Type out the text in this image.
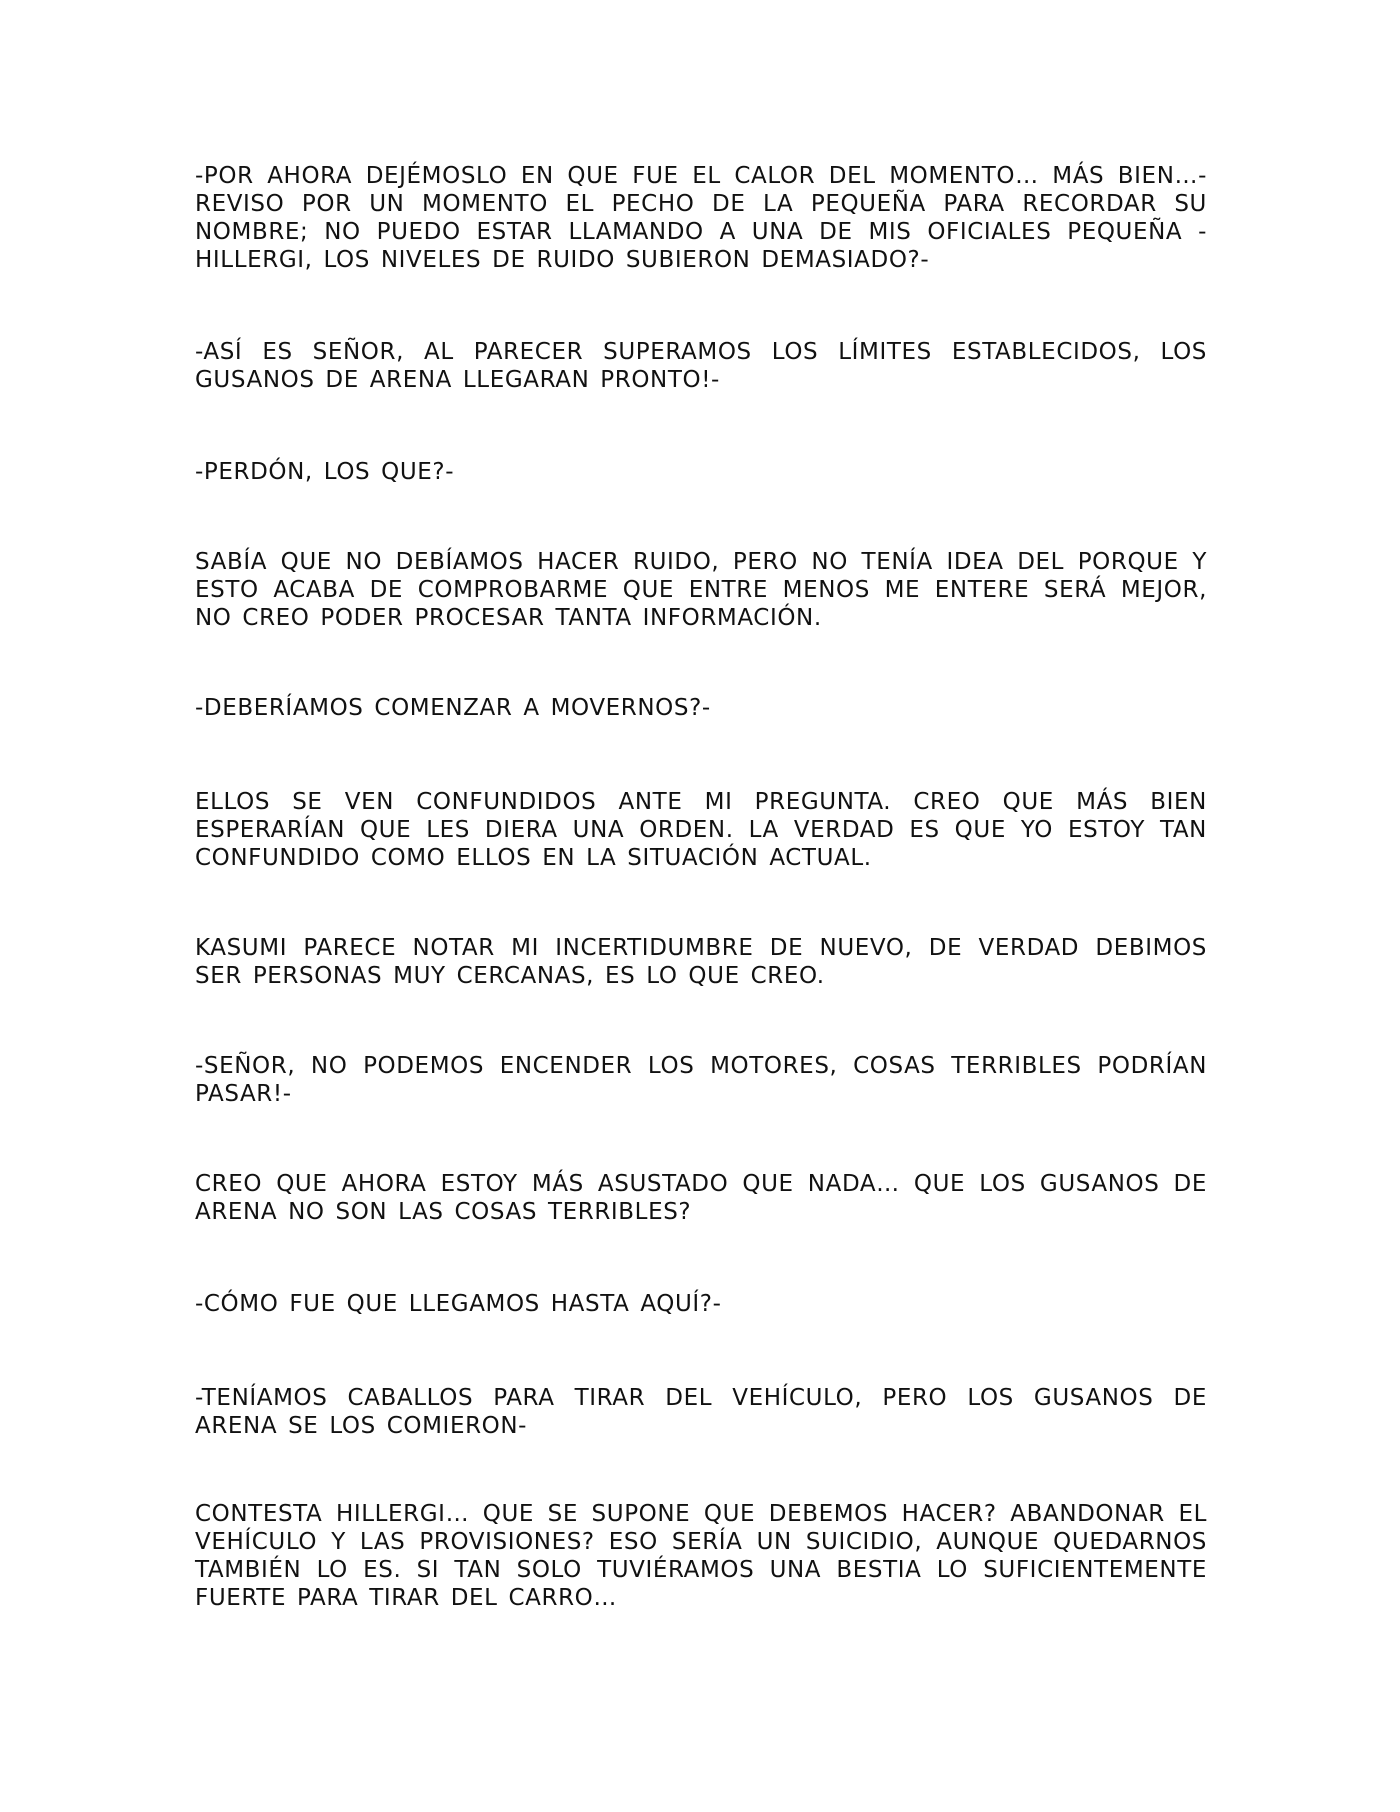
-POR AHORA DEJÉMOSLO EN QUE FUE EL CALOR DEL MOMENTO… MÁS BIEN…- REVISO POR UN MOMENTO EL PECHO DE LA PEQUEÑA PARA RECORDAR SU NOMBRE; NO PUEDO ESTAR LLAMANDO A UNA DE MIS OFICIALES PEQUEÑA -HILLERGI, LOS NIVELES DE RUIDO SUBIERON DEMASIADO?-

-ASÍ ES SEÑOR, AL PARECER SUPERAMOS LOS LÍMITES ESTABLECIDOS, LOS GUSANOS DE ARENA LLEGARAN PRONTO!-

-PERDÓN, LOS QUE?-

SABÍA QUE NO DEBÍAMOS HACER RUIDO, PERO NO TENÍA IDEA DEL PORQUE Y ESTO ACABA DE COMPROBARME QUE ENTRE MENOS ME ENTERE SERÁ MEJOR, NO CREO PODER PROCESAR TANTA INFORMACIÓN.

-DEBERÍAMOS COMENZAR A MOVERNOS?-

ELLOS SE VEN CONFUNDIDOS ANTE MI PREGUNTA. CREO QUE MÁS BIEN ESPERARÍAN QUE LES DIERA UNA ORDEN. LA VERDAD ES QUE YO ESTOY TAN CONFUNDIDO COMO ELLOS EN LA SITUACIÓN ACTUAL.

KASUMI PARECE NOTAR MI INCERTIDUMBRE DE NUEVO, DE VERDAD DEBIMOS SER PERSONAS MUY CERCANAS, ES LO QUE CREO.

-SEÑOR, NO PODEMOS ENCENDER LOS MOTORES, COSAS TERRIBLES PODRÍAN PASAR!-

CREO QUE AHORA ESTOY MÁS ASUSTADO QUE NADA… QUE LOS GUSANOS DE ARENA NO SON LAS COSAS TERRIBLES?

-CÓMO FUE QUE LLEGAMOS HASTA AQUÍ?-

-TENÍAMOS CABALLOS PARA TIRAR DEL VEHÍCULO, PERO LOS GUSANOS DE ARENA SE LOS COMIERON-

CONTESTA HILLERGI… QUE SE SUPONE QUE DEBEMOS HACER? ABANDONAR EL VEHÍCULO Y LAS PROVISIONES? ESO SERÍA UN SUICIDIO, AUNQUE QUEDARNOS TAMBIÉN LO ES. SI TAN SOLO TUVIÉRAMOS UNA BESTIA LO SUFICIENTEMENTE FUERTE PARA TIRAR DEL CARRO…
